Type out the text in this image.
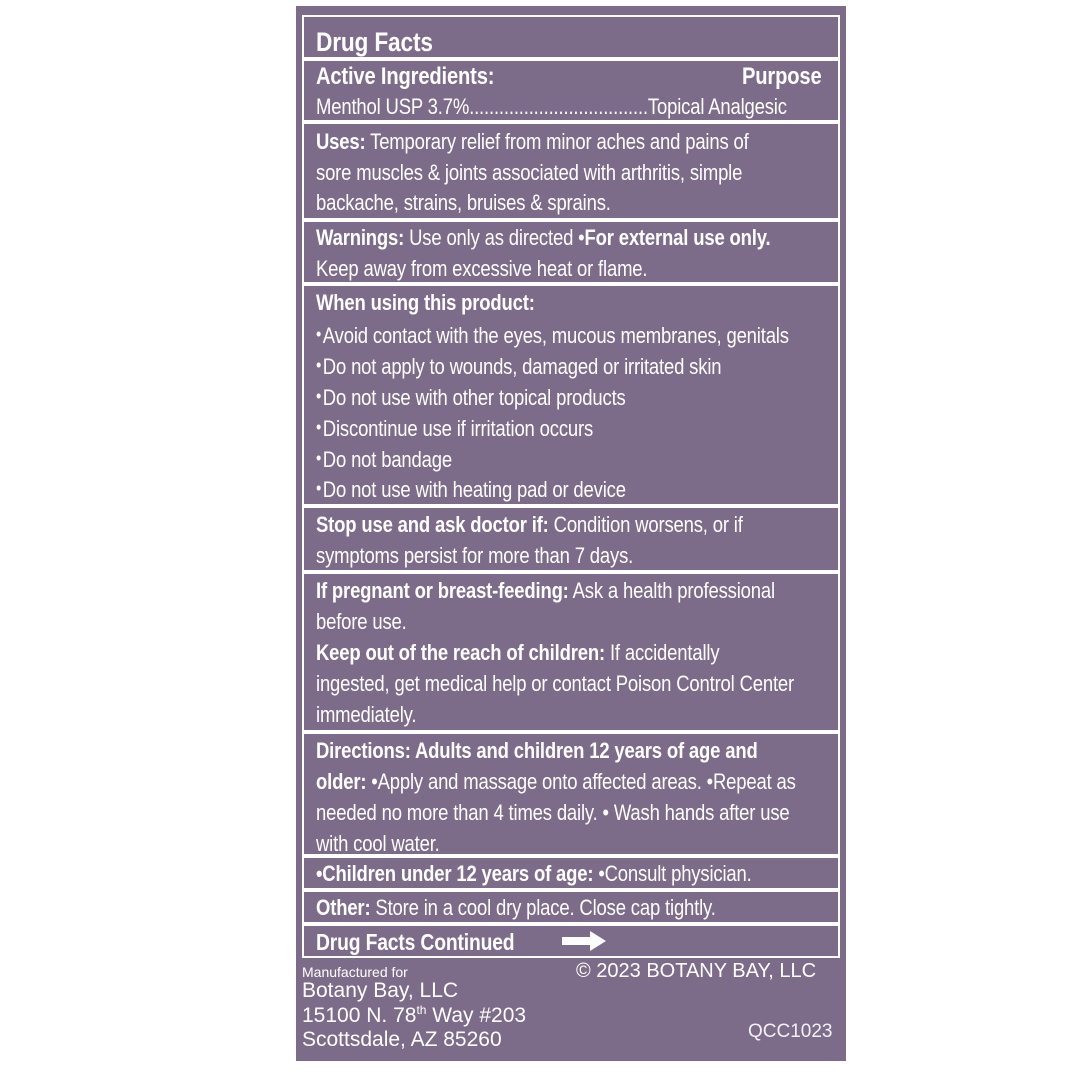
Drug Facts
Active Ingredients:	Purpose
Menthol USP 3.7%....................................Topical Analgesic
Uses: Temporary relief from minor aches and pains of
sore muscles & joints associated with arthritis, simple
backache, strains, bruises & sprains.
Warnings: Use only as directed •For external use only.
Keep away from excessive heat or flame.
When using this product:
•Avoid contact with the eyes, mucous membranes, genitals
•Do not apply to wounds, damaged or irritated skin
•Do not use with other topical products
•Discontinue use if irritation occurs
•Do not bandage
•Do not use with heating pad or device
Stop use and ask doctor if: Condition worsens, or if
symptoms persist for more than 7 days.
If pregnant or breast-feeding: Ask a health professional
before use.
Keep out of the reach of children: If accidentally
ingested, get medical help or contact Poison Control Center
immediately.
Directions: Adults and children 12 years of age and
older: •Apply and massage onto affected areas. •Repeat as
needed no more than 4 times daily. • Wash hands after use
with cool water.
•Children under 12 years of age: •Consult physician.
Other: Store in a cool dry place. Close cap tightly.
Drug Facts Continued
Manufactured for
Botany Bay, LLC
15100 N. 78th Way #203
Scottsdale, AZ 85260
© 2023 BOTANY BAY, LLC
QCC1023
